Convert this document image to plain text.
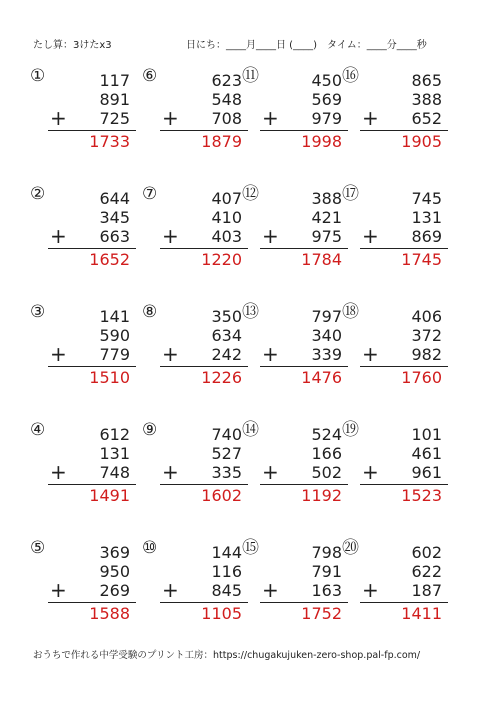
たし算：3けたx3	日にち：____月____日 (____)　タイム：____分____秒
①	117
891
725
+
1733
②	644
345
663
+
1652
③	141
590
779
+
1510
④	612
131
748
+
1491
⑤	369
950
269
+
1588
⑥	623
548
708
+
1879
⑦	407
410
403
+
1220
⑧	350
634
242
+
1226
⑨	740
527
335
+
1602
⑩	144
116
845
+
1105
⑪	450
569
979
+
1998
⑫	388
421
975
+
1784
⑬	797
340
339
+
1476
⑭	524
166
502
+
1192
⑮	798
791
163
+
1752
⑯	865
388
652
+
1905
⑰	745
131
869
+
1745
⑱	406
372
982
+
1760
⑲	101
461
961
+
1523
⑳	602
622
187
+
1411
おうちで作れる中学受験のプリント工房：https://chugakujuken-zero-shop.pal-fp.com/
